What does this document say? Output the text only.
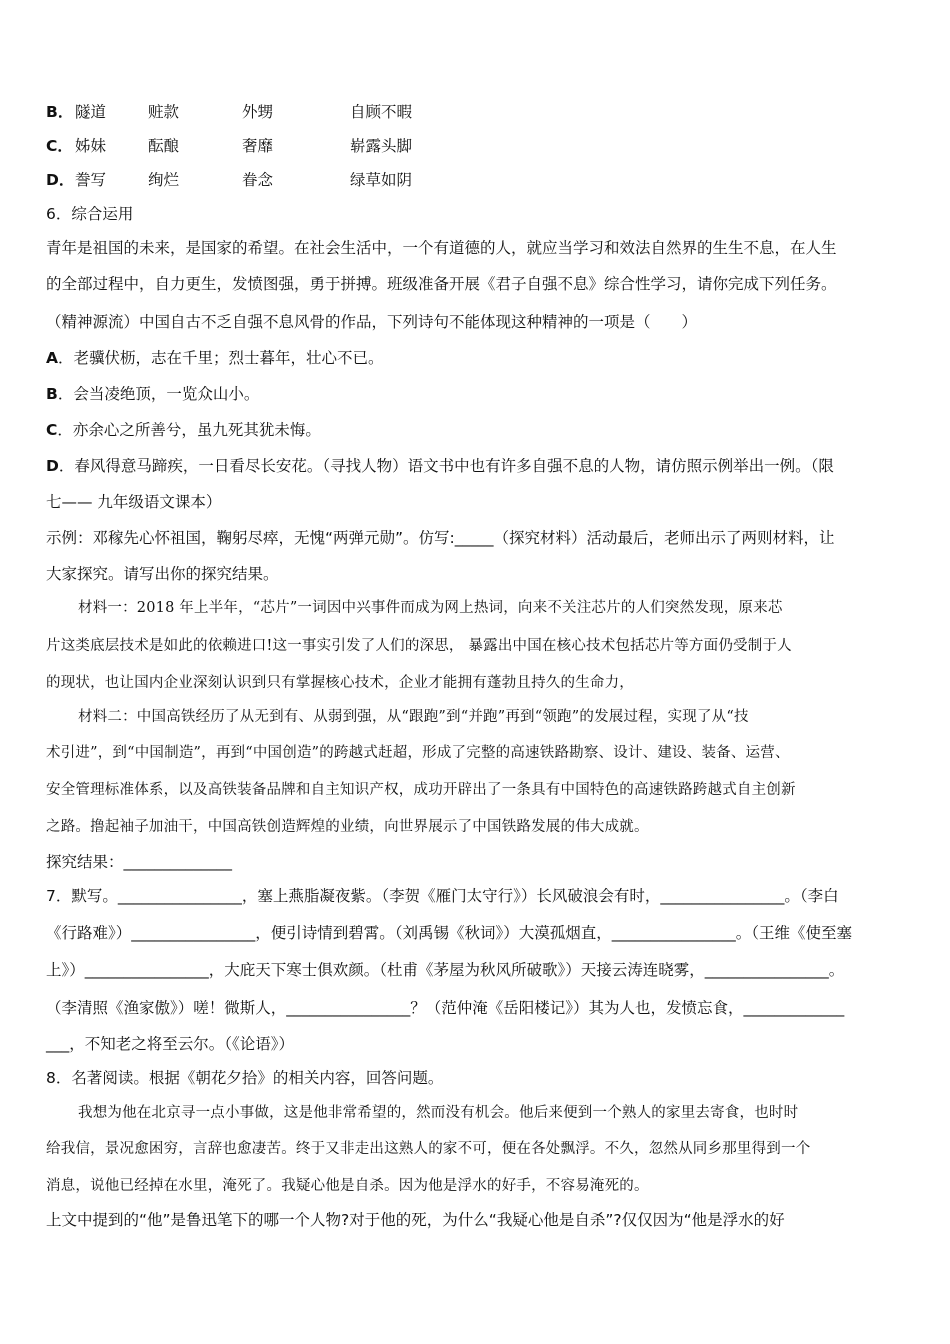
B． 隧道	赃款	外甥	自顾不暇
C． 姊妹	酝酿	奢靡	崭露头脚
D． 誊写	绚烂	眷念	绿草如阴
6．综合运用
青年是祖国的未来，是国家的希望。在社会生活中，一个有道德的人，就应当学习和效法自然界的生生不息，在人生
的全部过程中，自力更生，发愤图强，勇于拼搏。班级准备开展《君子自强不息》综合性学习，请你完成下列任务。
（精神源流）中国自古不乏自强不息风骨的作品，下列诗句不能体现这种精神的一项是（　　）
A．老骥伏枥，志在千里；烈士暮年，壮心不已。
B．会当凌绝顶，一览众山小。
C．亦余心之所善兮，虽九死其犹未悔。
D．春风得意马蹄疾，一日看尽长安花。（寻找人物）语文书中也有许多自强不息的人物，请仿照示例举出一例。（限
七—— 九年级语文课本）
示例：邓稼先心怀祖国，鞠躬尽瘁，无愧“两弹元勋”。仿写:_____（探究材料）活动最后，老师出示了两则材料，让
大家探究。请写出你的探究结果。
材料一：2018 年上半年，“芯片”一词因中兴事件而成为网上热词，向来不关注芯片的人们突然发现，原来芯
片这类底层技术是如此的依赖进口!这一事实引发了人们的深思， 暴露出中国在核心技术包括芯片等方面仍受制于人
的现状，也让国内企业深刻认识到只有掌握核心技术，企业才能拥有蓬勃且持久的生命力，
材料二：中国高铁经历了从无到有、从弱到强，从“跟跑”到“并跑”再到“领跑”的发展过程，实现了从“技
术引进”，到“中国制造”，再到“中国创造”的跨越式赶超，形成了完整的高速铁路勘察、设计、建设、装备、运营、
安全管理标准体系，以及高铁装备品牌和自主知识产权，成功开辟出了一条具有中国特色的高速铁路跨越式自主创新
之路。撸起袖子加油干，中国高铁创造辉煌的业绩，向世界展示了中国铁路发展的伟大成就。
探究结果：______________
7．默写。________________，塞上燕脂凝夜紫。（李贺《雁门太守行》）长风破浪会有时，________________。（李白
《行路难》）________________，便引诗情到碧霄。（刘禹锡《秋词》）大漠孤烟直，________________。（王维《使至塞
上》）________________，大庇天下寒士俱欢颜。（杜甫《茅屋为秋风所破歌》）天接云涛连晓雾，________________。
（李清照《渔家傲》）嗟！微斯人，________________？（范仲淹《岳阳楼记》）其为人也，发愤忘食，_____________
___，不知老之将至云尔。（《论语》）
8．名著阅读。根据《朝花夕拾》的相关内容，回答问题。
我想为他在北京寻一点小事做，这是他非常希望的，然而没有机会。他后来便到一个熟人的家里去寄食，也时时
给我信，景况愈困穷，言辞也愈凄苦。终于又非走出这熟人的家不可，便在各处飘浮。不久，忽然从同乡那里得到一个
消息，说他已经掉在水里，淹死了。我疑心他是自杀。因为他是浮水的好手，不容易淹死的。
上文中提到的“他”是鲁迅笔下的哪一个人物?对于他的死，为什么“我疑心他是自杀”?仅仅因为“他是浮水的好
